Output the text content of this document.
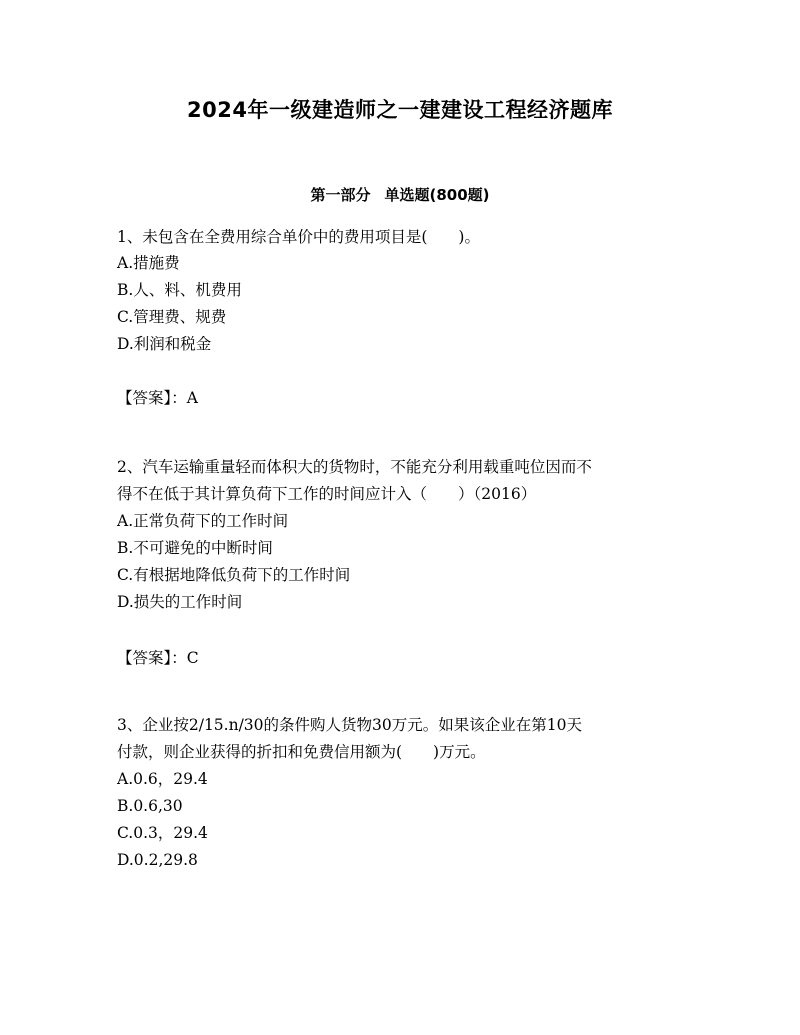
2024年一级建造师之一建建设工程经济题库
第一部分 单选题(800题)
1、未包含在全费用综合单价中的费用项目是(　　)。
A.措施费
B.人、料、机费用
C.管理费、规费
D.利润和税金
【答案】：A
2、汽车运输重量轻而体积大的货物时，不能充分利用载重吨位因而不
得不在低于其计算负荷下工作的时间应计入（　　）（2016）
A.正常负荷下的工作时间
B.不可避免的中断时间
C.有根据地降低负荷下的工作时间
D.损失的工作时间
【答案】：C
3、企业按2/15.n/30的条件购人货物30万元。如果该企业在第10天
付款，则企业获得的折扣和免费信用额为(　　)万元。
A.0.6，29.4
B.0.6,30
C.0.3，29.4
D.0.2,29.8
